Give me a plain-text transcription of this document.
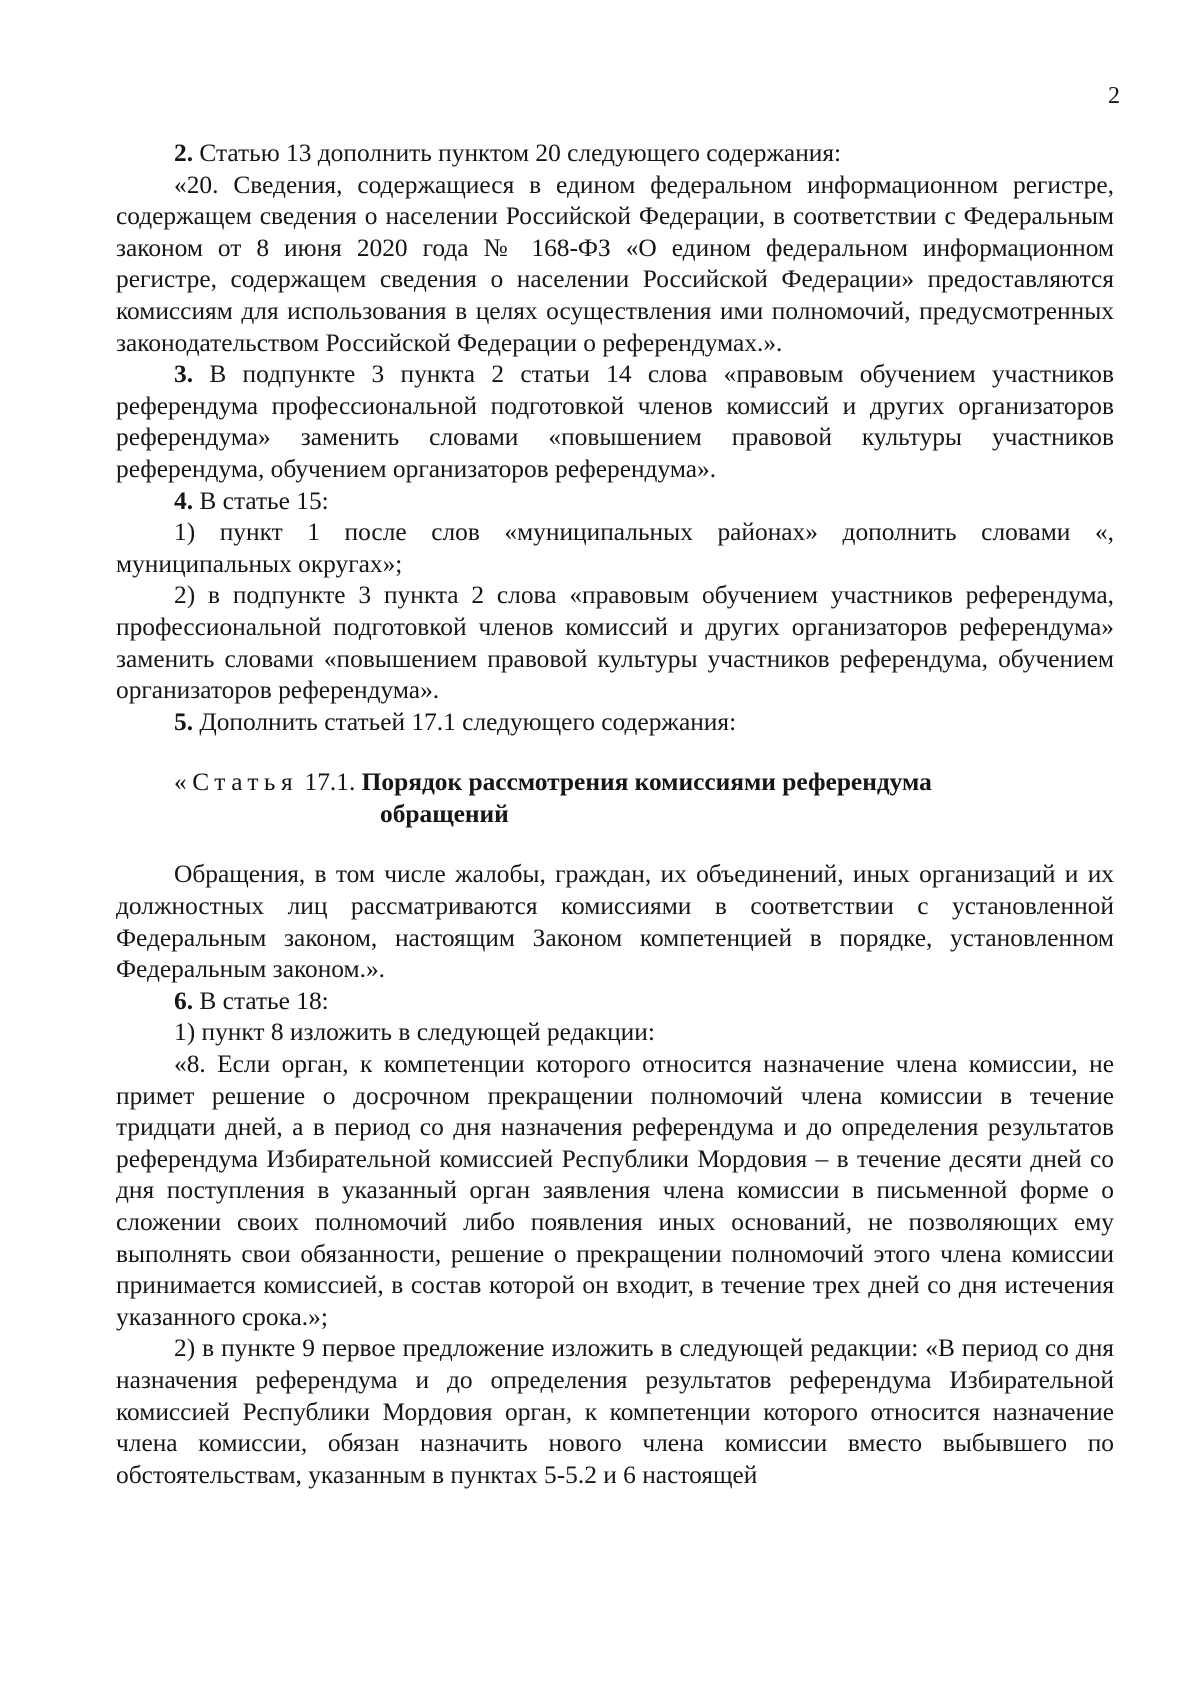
2

2. Статью 13 дополнить пунктом 20 следующего содержания:

«20. Сведения, содержащиеся в едином федеральном информационном регистре, содержащем сведения о населении Российской Федерации, в соответствии с Федеральным законом от 8 июня 2020 года № 168-ФЗ «О едином федеральном информационном регистре, содержащем сведения о населении Российской Федерации» предоставляются комиссиям для использования в целях осуществления ими полномочий, предусмотренных законодательством Российской Федерации о референдумах.».

3. В подпункте 3 пункта 2 статьи 14 слова «правовым обучением участников референдума профессиональной подготовкой членов комиссий и других организаторов референдума» заменить словами «повышением правовой культуры участников референдума, обучением организаторов референдума».

4. В статье 15:

1) пункт 1 после слов «муниципальных районах» дополнить словами «, муниципальных округах»;

2) в подпункте 3 пункта 2 слова «правовым обучением участников референдума, профессиональной подготовкой членов комиссий и других организаторов референдума» заменить словами «повышением правовой культуры участников референдума, обучением организаторов референдума».

5. Дополнить статьей 17.1 следующего содержания:

«Статья 17.1. Порядок рассмотрения комиссиями референдума
обращений

Обращения, в том числе жалобы, граждан, их объединений, иных организаций и их должностных лиц рассматриваются комиссиями в соответствии с установленной Федеральным законом, настоящим Законом компетенцией в порядке, установленном Федеральным законом.».

6. В статье 18:

1) пункт 8 изложить в следующей редакции:

«8. Если орган, к компетенции которого относится назначение члена комиссии, не примет решение о досрочном прекращении полномочий члена комиссии в течение тридцати дней, а в период со дня назначения референдума и до определения результатов референдума Избирательной комиссией Республики Мордовия – в течение десяти дней со дня поступления в указанный орган заявления члена комиссии в письменной форме о сложении своих полномочий либо появления иных оснований, не позволяющих ему выполнять свои обязанности, решение о прекращении полномочий этого члена комиссии принимается комиссией, в состав которой он входит, в течение трех дней со дня истечения указанного срока.»;

2) в пункте 9 первое предложение изложить в следующей редакции: «В период со дня назначения референдума и до определения результатов референдума Избирательной комиссией Республики Мордовия орган, к компетенции которого относится назначение члена комиссии, обязан назначить нового члена комиссии вместо выбывшего по обстоятельствам, указанным в пунктах 5-5.2 и 6 настоящей
